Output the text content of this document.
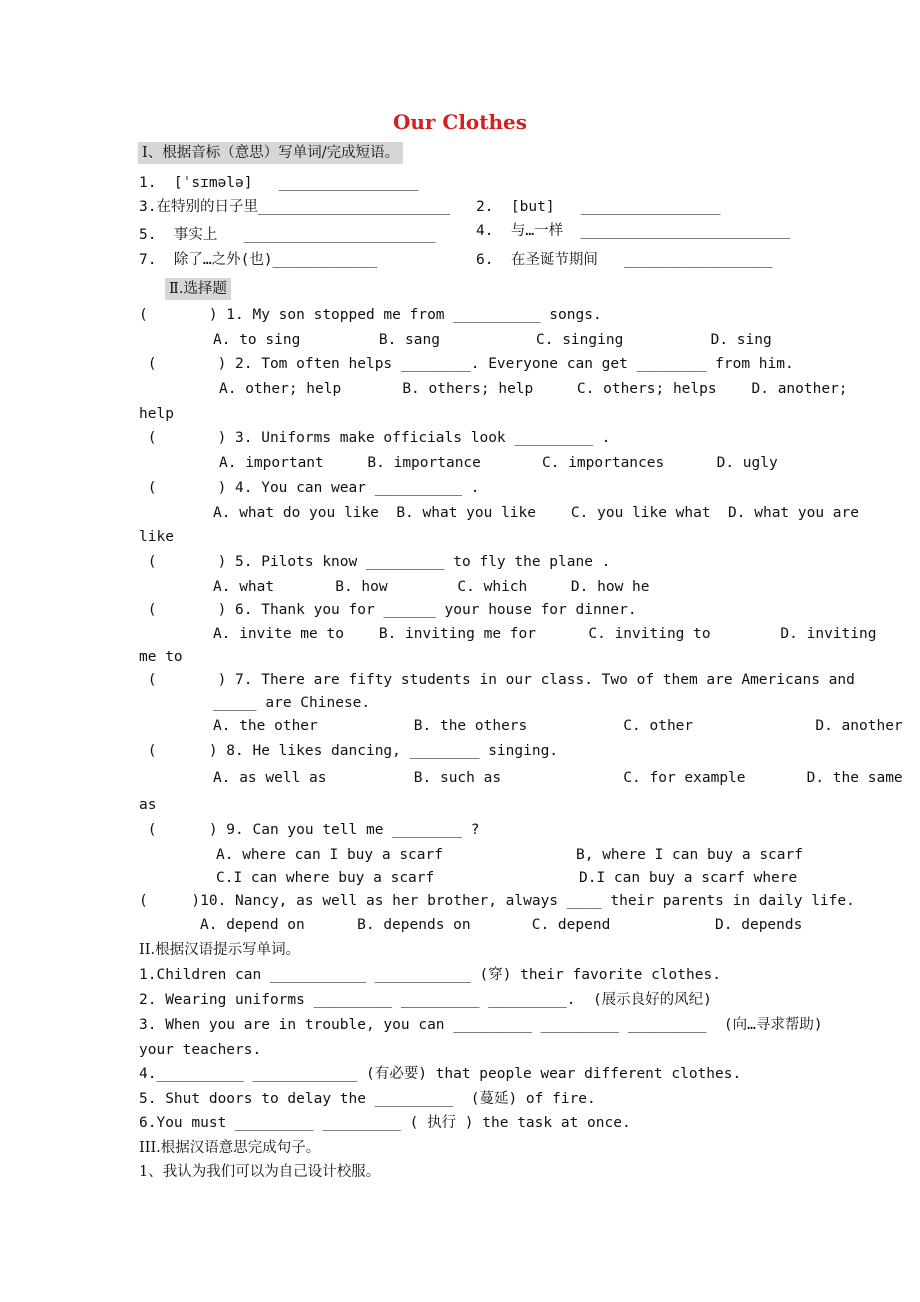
Our Clothes
Ⅰ、根据音标（意思）写单词/完成短语。
1.  [ˈsɪmələ]   ________________
3.在特别的日子里______________________ 2.  [but]   ________________
5.  事实上   ______________________	4.  与…一样  ________________________
7.  除了…之外(也)____________	6.  在圣诞节期间   _________________
Ⅱ.选择题
(       ) 1. My son stopped me from __________ songs.
A. to sing         B. sang           C. singing          D. sing
(       ) 2. Tom often helps ________. Everyone can get ________ from him.
A. other; help       B. others; help     C. others; helps    D. another;
help
(       ) 3. Uniforms make officials look _________ .
A. important     B. importance       C. importances      D. ugly
(       ) 4. You can wear __________ .
A. what do you like  B. what you like    C. you like what  D. what you are
like
(       ) 5. Pilots know _________ to fly the plane .
A. what       B. how        C. which     D. how he
(       ) 6. Thank you for ______ your house for dinner.
A. invite me to    B. inviting me for      C. inviting to        D. inviting
me to
(       ) 7. There are fifty students in our class. Two of them are Americans and
_____ are Chinese.
A. the other           B. the others           C. other              D. another
(      ) 8. He likes dancing, ________ singing.
A. as well as          B. such as              C. for example       D. the same
as
(      ) 9. Can you tell me ________ ?
A. where can I buy a scarf	B, where I can buy a scarf
C.I can where buy a scarf	D.I can buy a scarf where
(     )10. Nancy, as well as her brother, always ____ their parents in daily life.
A. depend on      B. depends on       C. depend            D. depends
II.根据汉语提示写单词。
1.Children can ___________ ___________ (穿) their favorite clothes.
2. Wearing uniforms _________ _________ _________.  (展示良好的风纪)
3. When you are in trouble, you can _________ _________ _________  (向…寻求帮助)
your teachers.
4.__________ ____________ (有必要) that people wear different clothes.
5. Shut doors to delay the _________  (蔓延) of fire.
6.You must _________ _________ ( 执行 ) the task at once.
III.根据汉语意思完成句子。
1、我认为我们可以为自己设计校服。
